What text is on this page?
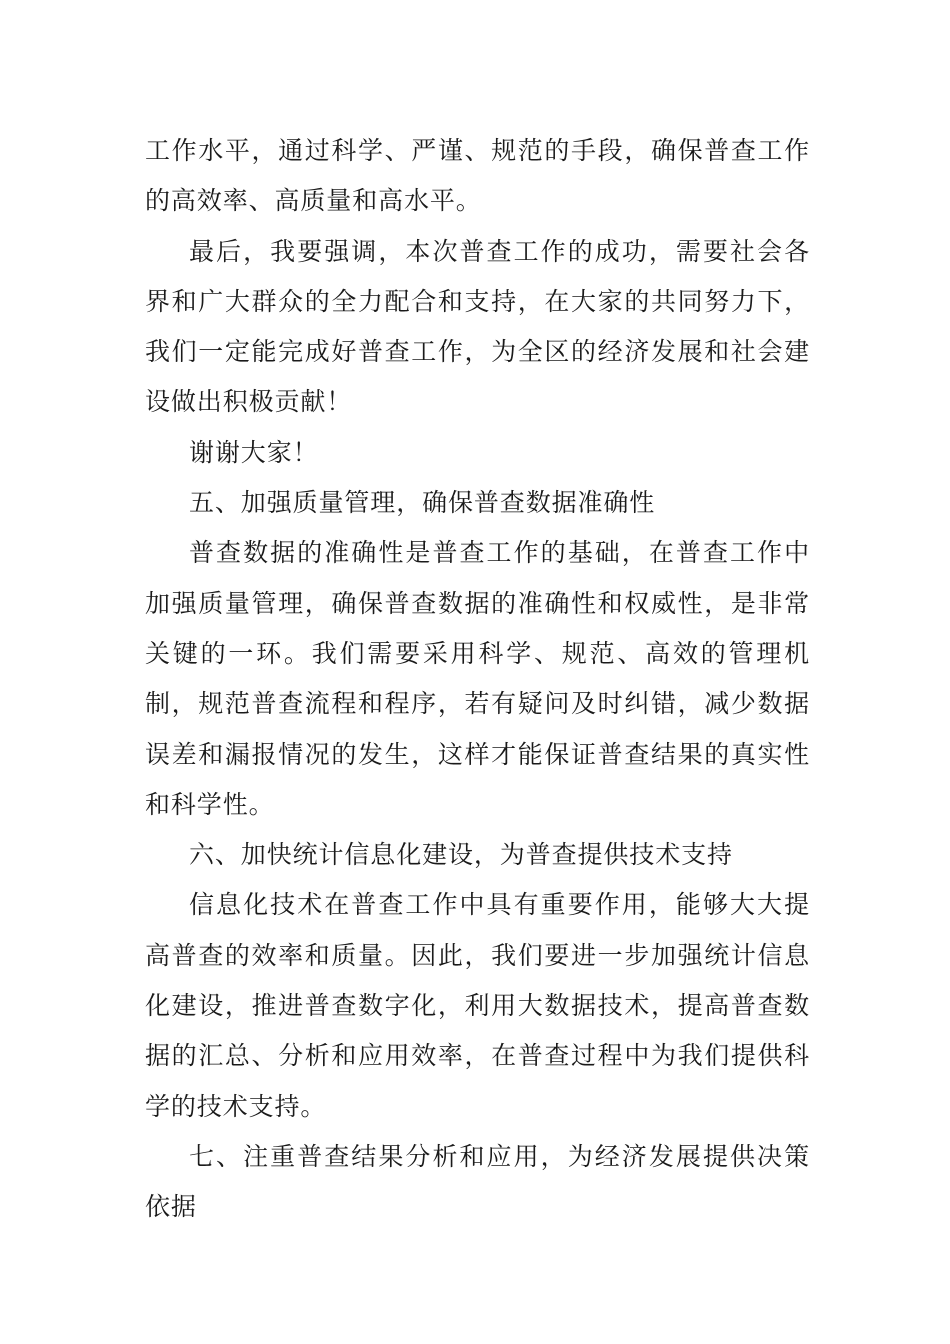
工作水平，通过科学、严谨、规范的手段，确保普查工作的高效率、高质量和高水平。

最后，我要强调，本次普查工作的成功，需要社会各界和广大群众的全力配合和支持，在大家的共同努力下，我们一定能完成好普查工作，为全区的经济发展和社会建设做出积极贡献！

谢谢大家！

五、加强质量管理，确保普查数据准确性

普查数据的准确性是普查工作的基础，在普查工作中加强质量管理，确保普查数据的准确性和权威性，是非常关键的一环。我们需要采用科学、规范、高效的管理机制，规范普查流程和程序，若有疑问及时纠错，减少数据误差和漏报情况的发生，这样才能保证普查结果的真实性和科学性。

六、加快统计信息化建设，为普查提供技术支持

信息化技术在普查工作中具有重要作用，能够大大提高普查的效率和质量。因此，我们要进一步加强统计信息化建设，推进普查数字化，利用大数据技术，提高普查数据的汇总、分析和应用效率，在普查过程中为我们提供科学的技术支持。

七、注重普查结果分析和应用，为经济发展提供决策依据
